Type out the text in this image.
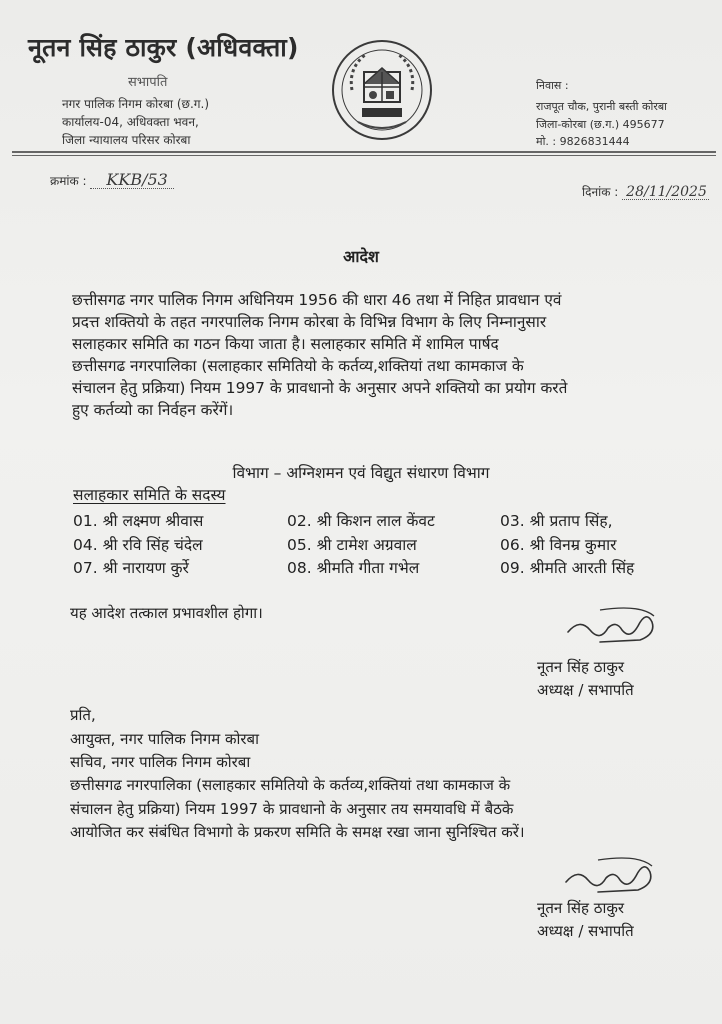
नूतन सिंह ठाकुर (अधिवक्ता)
सभापति
नगर पालिक निगम कोरबा (छ.ग.)
कार्यालय-04, अधिवक्ता भवन,
जिला न्यायालय परिसर कोरबा
निवास :
राजपूत चौक, पुरानी बस्ती कोरबा
जिला-कोरबा (छ.ग.) 495677
मो. : 9826831444
क्रमांक : KKB/53
दिनांक : 28/11/2025
आदेश
छत्तीसगढ नगर पालिक निगम अधिनियम 1956 की धारा 46 तथा में निहित प्रावधान एवं
प्रदत्त शक्तियो के तहत नगरपालिक निगम कोरबा के विभिन्न विभाग के लिए निम्नानुसार
सलाहकार समिति का गठन किया जाता है। सलाहकार समिति में शामिल पार्षद
छत्तीसगढ नगरपालिका (सलाहकार समितियो के कर्तव्य,शक्तियां तथा कामकाज के
संचालन हेतु प्रक्रिया) नियम 1997 के प्रावधानो के अनुसार अपने शक्तियो का प्रयोग करते
हुए कर्तव्यो का निर्वहन करेंगें।
विभाग – अग्निशमन एवं विद्युत संधारण विभाग
सलाहकार समिति के सदस्य
01. श्री लक्ष्मण श्रीवास	02. श्री किशन लाल केंवट	03. श्री प्रताप सिंह,
04. श्री रवि सिंह चंदेल	05. श्री टामेश अग्रवाल	06. श्री विनम्र कुमार
07. श्री नारायण कुर्रे	08. श्रीमति गीता गभेल	09. श्रीमति आरती सिंह
यह आदेश तत्काल प्रभावशील होगा।
नूतन सिंह ठाकुर
अध्यक्ष / सभापति
प्रति,
आयुक्त, नगर पालिक निगम कोरबा
सचिव, नगर पालिक निगम कोरबा
छत्तीसगढ नगरपालिका (सलाहकार समितियो के कर्तव्य,शक्तियां तथा कामकाज के
संचालन हेतु प्रक्रिया) नियम 1997 के प्रावधानो के अनुसार तय समयावधि में बैठके
आयोजित कर संबंधित विभागो के प्रकरण समिति के समक्ष रखा जाना सुनिश्चित करें।
नूतन सिंह ठाकुर
अध्यक्ष / सभापति
